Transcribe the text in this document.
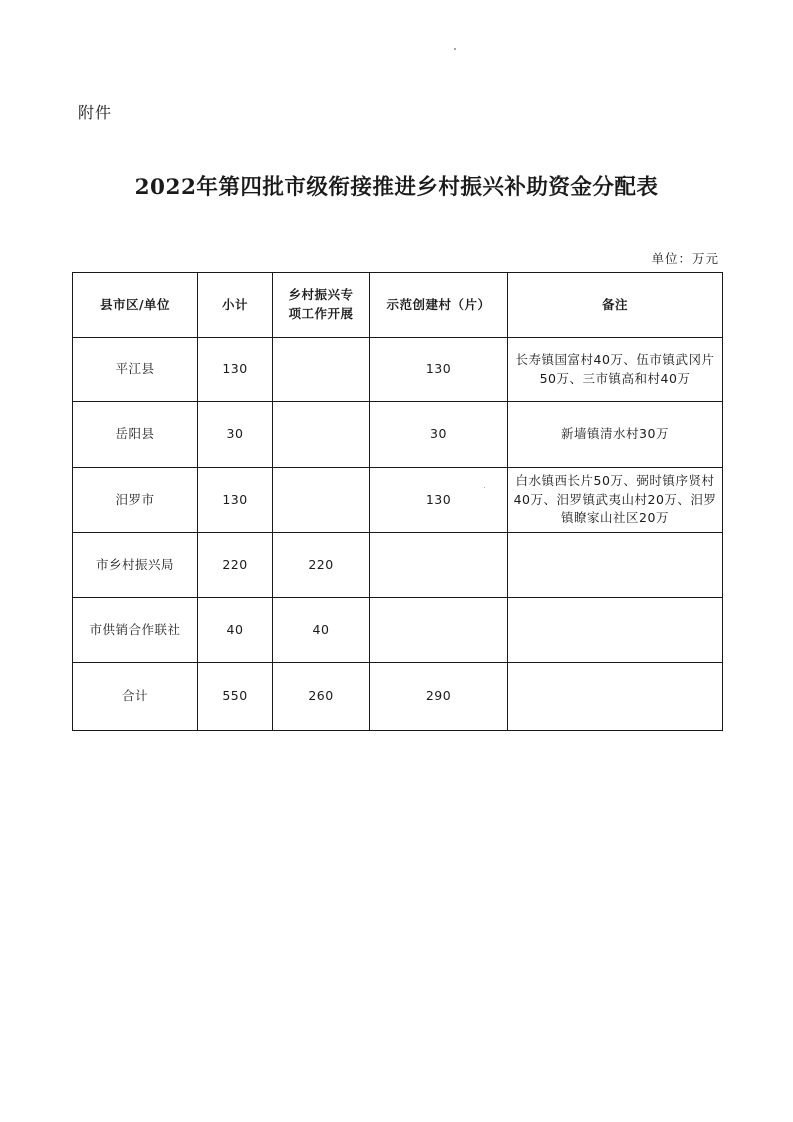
附件
2022年第四批市级衔接推进乡村振兴补助资金分配表
单位：万元
县市区/单位	小计	乡村振兴专项工作开展	示范创建村（片）	备注
平江县	130		130	长寿镇国富村40万、伍市镇武冈片50万、三市镇高和村40万
岳阳县	30		30	新墙镇清水村30万
汨罗市	130		130	白水镇西长片50万、弼时镇序贤村40万、汨罗镇武夷山村20万、汨罗镇瞭家山社区20万
市乡村振兴局	220	220		
市供销合作联社	40	40		
合计	550	260	290	
